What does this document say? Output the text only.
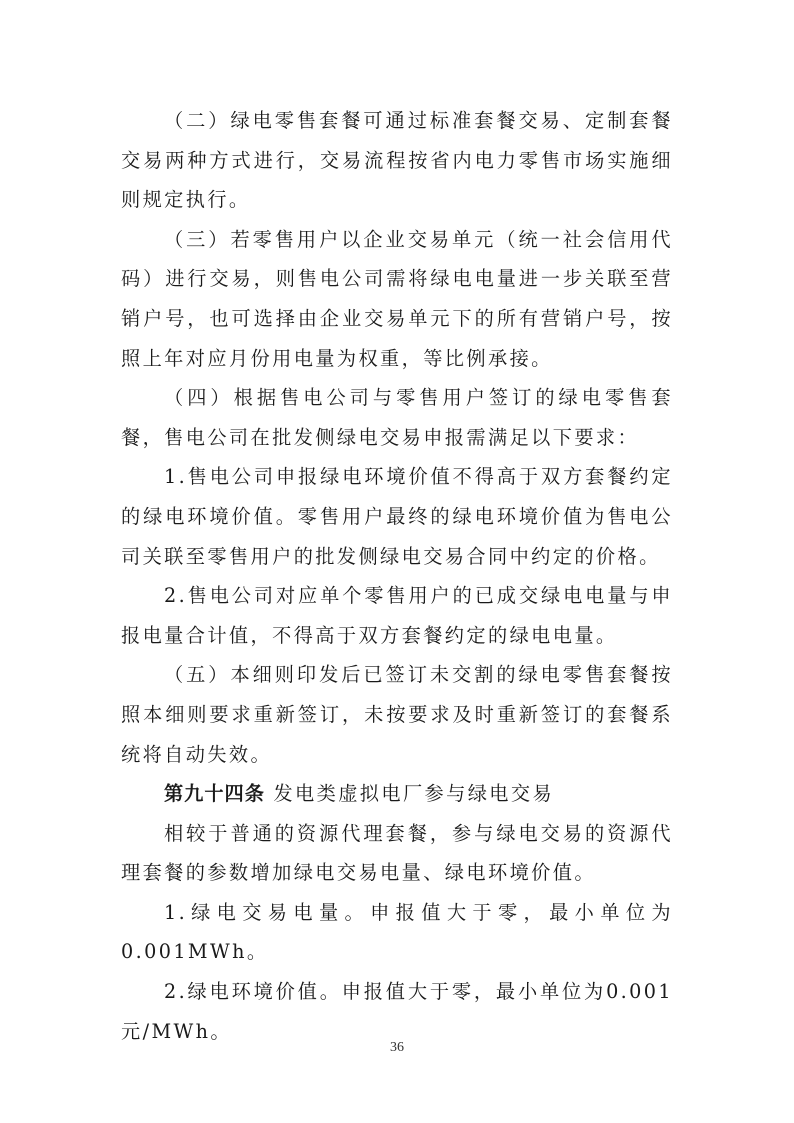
（二）绿电零售套餐可通过标准套餐交易、定制套餐交易两种方式进行，交易流程按省内电力零售市场实施细则规定执行。

（三）若零售用户以企业交易单元（统一社会信用代码）进行交易，则售电公司需将绿电电量进一步关联至营销户号，也可选择由企业交易单元下的所有营销户号，按照上年对应月份用电量为权重，等比例承接。

（四）根据售电公司与零售用户签订的绿电零售套餐，售电公司在批发侧绿电交易申报需满足以下要求：

1.售电公司申报绿电环境价值不得高于双方套餐约定的绿电环境价值。零售用户最终的绿电环境价值为售电公司关联至零售用户的批发侧绿电交易合同中约定的价格。

2.售电公司对应单个零售用户的已成交绿电电量与申报电量合计值，不得高于双方套餐约定的绿电电量。

（五）本细则印发后已签订未交割的绿电零售套餐按照本细则要求重新签订，未按要求及时重新签订的套餐系统将自动失效。

第九十四条 发电类虚拟电厂参与绿电交易

相较于普通的资源代理套餐，参与绿电交易的资源代理套餐的参数增加绿电交易电量、绿电环境价值。

1.绿电交易电量。申报值大于零，最小单位为0.001MWh。

2.绿电环境价值。申报值大于零，最小单位为0.001元/MWh。

36
